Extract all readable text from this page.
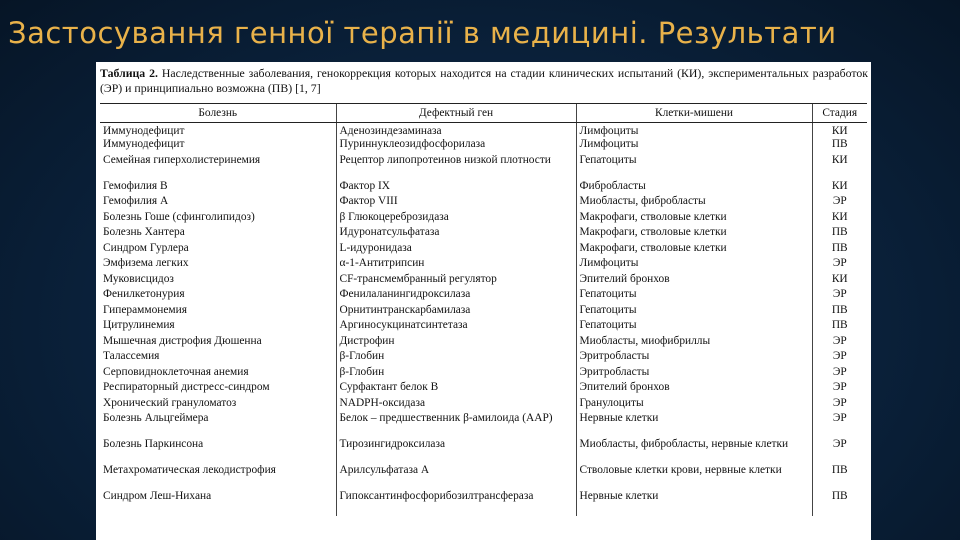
Застосування генної терапії в медицині. Результати
Таблица 2. Наследственные заболевания, генокоррекция которых находится на стадии клинических испытаний (КИ), экспериментальных разработок (ЭР) и принципиально возможна (ПВ) [1, 7]
Болезнь	Дефектный ген	Клетки-мишени	Стадия
Иммунодефицит	Аденозиндезаминаза	Лимфоциты	КИ
Иммунодефицит	Пуриннуклеозидфосфорилаза	Лимфоциты	ПВ
Семейная гиперхолистеринемия	Рецептор липопротеинов низкой плотности	Гепатоциты	КИ
Гемофилия В	Фактор IX	Фибробласты	КИ
Гемофилия А	Фактор VIII	Миобласты, фибробласты	ЭР
Болезнь Гоше (сфинголипидоз)	β Глюкоцереброзидаза	Макрофаги, стволовые клетки	КИ
Болезнь Хантера	Идуронатсульфатаза	Макрофаги, стволовые клетки	ПВ
Синдром Гурлера	L-идуронидаза	Макрофаги, стволовые клетки	ПВ
Эмфизема легких	α-1-Антитрипсин	Лимфоциты	ЭР
Муковисцидоз	CF-трансмембранный регулятор	Эпителий бронхов	КИ
Фенилкетонурия	Фенилаланингидроксилаза	Гепатоциты	ЭР
Гипераммонемия	Орнитинтранскарбамилаза	Гепатоциты	ПВ
Цитрулинемия	Аргиносукцинатсинтетаза	Гепатоциты	ПВ
Мышечная дистрофия Дюшенна	Дистрофин	Миобласты, миофибриллы	ЭР
Талассемия	β-Глобин	Эритробласты	ЭР
Серповидноклеточная анемия	β-Глобин	Эритробласты	ЭР
Респираторный дистресс-синдром	Сурфактант белок В	Эпителий бронхов	ЭР
Хронический грануломатоз	NADPH-оксидаза	Гранулоциты	ЭР
Болезнь Альцгеймера	Белок – предшественник β-амилоида (ААР)	Нервные клетки	ЭР
Болезнь Паркинсона	Тирозингидроксилаза	Миобласты, фибробласты, нервные клетки	ЭР
Метахроматическая лекодистрофия	Арилсульфатаза А	Стволовые клетки крови, нервные клетки	ПВ
Синдром Леш-Нихана	Гипоксантинфосфорибозилтрансфераза	Нервные клетки	ПВ
